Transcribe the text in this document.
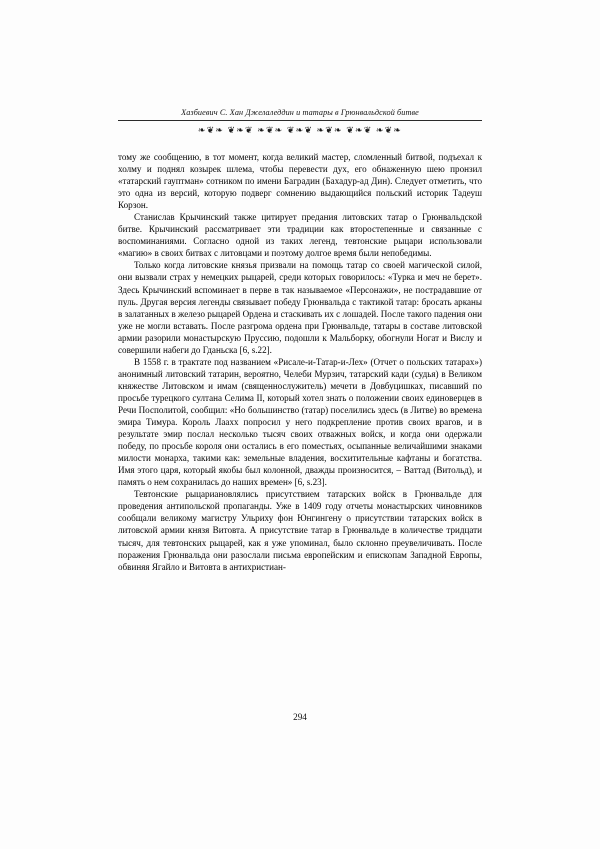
Хазбиевич С. Хан Джелаледдин и татары в Грюнвальдской битве
❧❦❧ ❦❧❦ ❧❦❧ ❦❧❦ ❧❦❧ ❦❧❦ ❧❦❧

тому же сообщению, в тот момент, когда великий мастер, сломленный битвой, подъехал к холму и поднял козырек шлема, чтобы перевести дух, его обнаженную шею пронзил «татарский гауптман» сотником по имени Баградин (Бахадур-ад Дин). Следует отметить, что это одна из версий, которую подверг сомнению выдающийся польский историк Тадеуш Корзон.

Станислав Крычинский также цитирует предания литовских татар о Грюнвальдской битве. Крычинский рассматривает эти традиции как второстепенные и связанные с воспоминаниями. Согласно одной из таких легенд, тевтонские рыцари использовали «магию» в своих битвах с литовцами и поэтому долгое время были непобедимы.

Только когда литовские князья призвали на помощь татар со своей магической силой, они вызвали страх у немецких рыцарей, среди которых говорилось: «Турка и меч не берет». Здесь Крычинский вспоминает в перве в так называемое «Персонажи», не пострадавшие от пуль. Другая версия легенды связывает победу Грюнвальда с тактикой татар: бросать арканы в залатанных в железо рыцарей Ордена и стаскивать их с лошадей. После такого падения они уже не могли вставать. После разгрома ордена при Грюнвальде, татары в составе литовской армии разорили монастырскую Пруссию, подошли к Мальборку, обогнули Ногат и Вислу и совершили набеги до Гданьска [6, s.22].

В 1558 г. в трактате под названием «Рисале-и-Татар-и-Лех» (Отчет о польских татарах») анонимный литовский татарин, вероятно, Челеби Мурзич, татарский кади (судья) в Великом княжестве Литовском и имам (священнослужитель) мечети в Довбуцишках, писавший по просьбе турецкого султана Селима II, который хотел знать о положении своих единоверцев в Речи Посполитой, сообщил: «Но большинство (татар) поселились здесь (в Литве) во времена эмира Тимура. Король Лаахх попросил у него подкрепление против своих врагов, и в результате эмир послал несколько тысяч своих отважных войск, и когда они одержали победу, по просьбе короля они остались в его поместьях, осыпанные величайшими знаками милости монарха, такими как: земельные владения, восхитительные кафтаны и богатства. Имя этого царя, который якобы был колонной, дважды произносится, – Ваттад (Витольд), и память о нем сохранилась до наших времен» [6, s.23].

Тевтонские рыцариановлялись присутствием татарских войск в Грюнвальде для проведения антипольской пропаганды. Уже в 1409 году отчеты монастырских чиновников сообщали великому магистру Ульриху фон Юнгингену о присутствии татарских войск в литовской армии князя Витовта. А присутствие татар в Грюнвальде в количестве тридцати тысяч, для тевтонских рыцарей, как я уже упоминал, было склонно преувеличивать. После поражения Грюнвальда они разослали письма европейским и епископам Западной Европы, обвиняя Ягайло и Витовта в антихристиан-

294
